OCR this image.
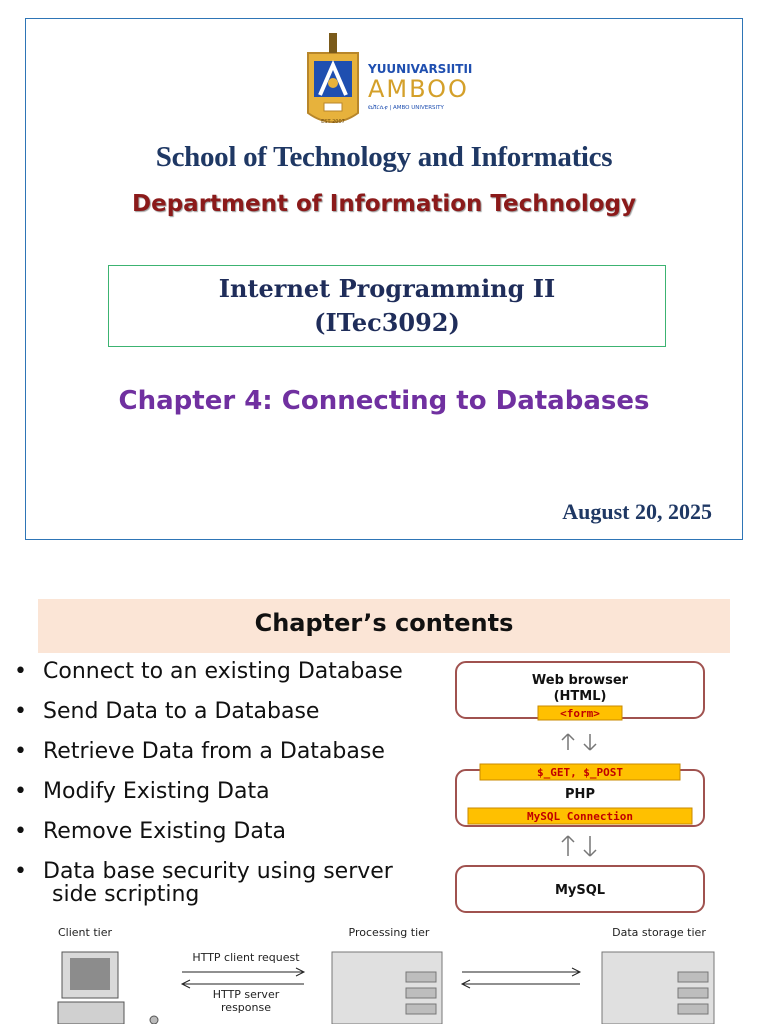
EST 2007
YUUNIVARSIITII
AMBOO
ዩኒቨርሲቲ | AMBO UNIVERSITY
School of Technology and Informatics
Department of Information Technology
Internet Programming II
(ITec3092)
Chapter 4: Connecting to Databases
August 20, 2025
Chapter’s contents
• Connect to an existing Database
• Send Data to a Database
• Retrieve Data from a Database
• Modify Existing Data
• Remove Existing Data
• Data base security using server
side scripting
Web browser
(HTML)
<form>
$_GET, $_POST
PHP
MySQL Connection
MySQL
Client tier	Processing tier	Data storage tier
HTTP client request
HTTP server
response
